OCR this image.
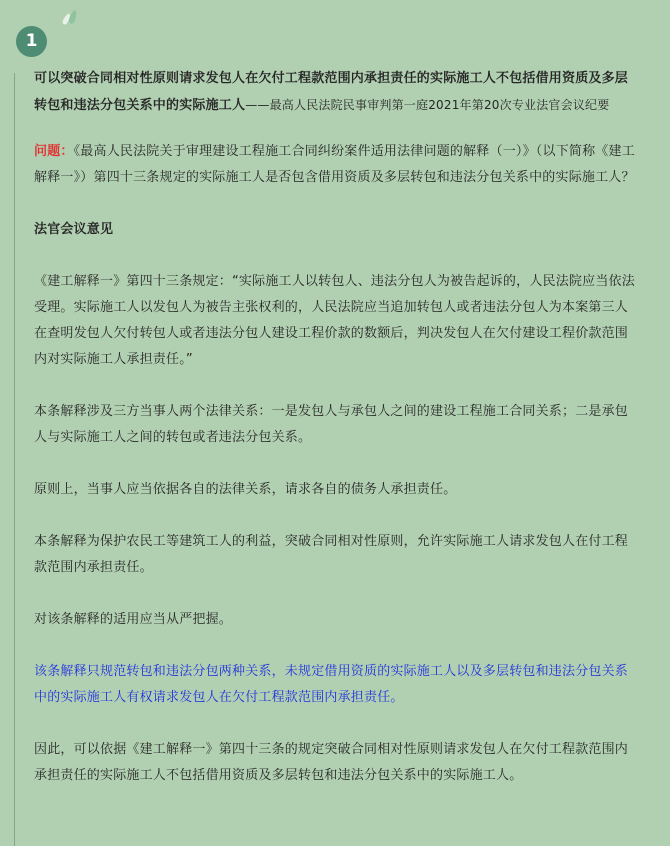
1

可以突破合同相对性原则请求发包人在欠付工程款范围内承担责任的实际施工人不包括借用资质及多层转包和违法分包关系中的实际施工人——最高人民法院民事审判第一庭2021年第20次专业法官会议纪要

问题：《最高人民法院关于审理建设工程施工合同纠纷案件适用法律问题的解释（一）》（以下简称《建工解释一》）第四十三条规定的实际施工人是否包含借用资质及多层转包和违法分包关系中的实际施工人？

法官会议意见

《建工解释一》第四十三条规定：“实际施工人以转包人、违法分包人为被告起诉的，人民法院应当依法受理。实际施工人以发包人为被告主张权利的，人民法院应当追加转包人或者违法分包人为本案第三人在查明发包人欠付转包人或者违法分包人建设工程价款的数额后，判决发包人在欠付建设工程价款范围内对实际施工人承担责任。”

本条解释涉及三方当事人两个法律关系：一是发包人与承包人之间的建设工程施工合同关系；二是承包人与实际施工人之间的转包或者违法分包关系。

原则上，当事人应当依据各自的法律关系，请求各自的债务人承担责任。

本条解释为保护农民工等建筑工人的利益，突破合同相对性原则，允许实际施工人请求发包人在付工程款范围内承担责任。

对该条解释的适用应当从严把握。

该条解释只规范转包和违法分包两种关系，未规定借用资质的实际施工人以及多层转包和违法分包关系中的实际施工人有权请求发包人在欠付工程款范围内承担责任。

因此，可以依据《建工解释一》第四十三条的规定突破合同相对性原则请求发包人在欠付工程款范围内承担责任的实际施工人不包括借用资质及多层转包和违法分包关系中的实际施工人。
